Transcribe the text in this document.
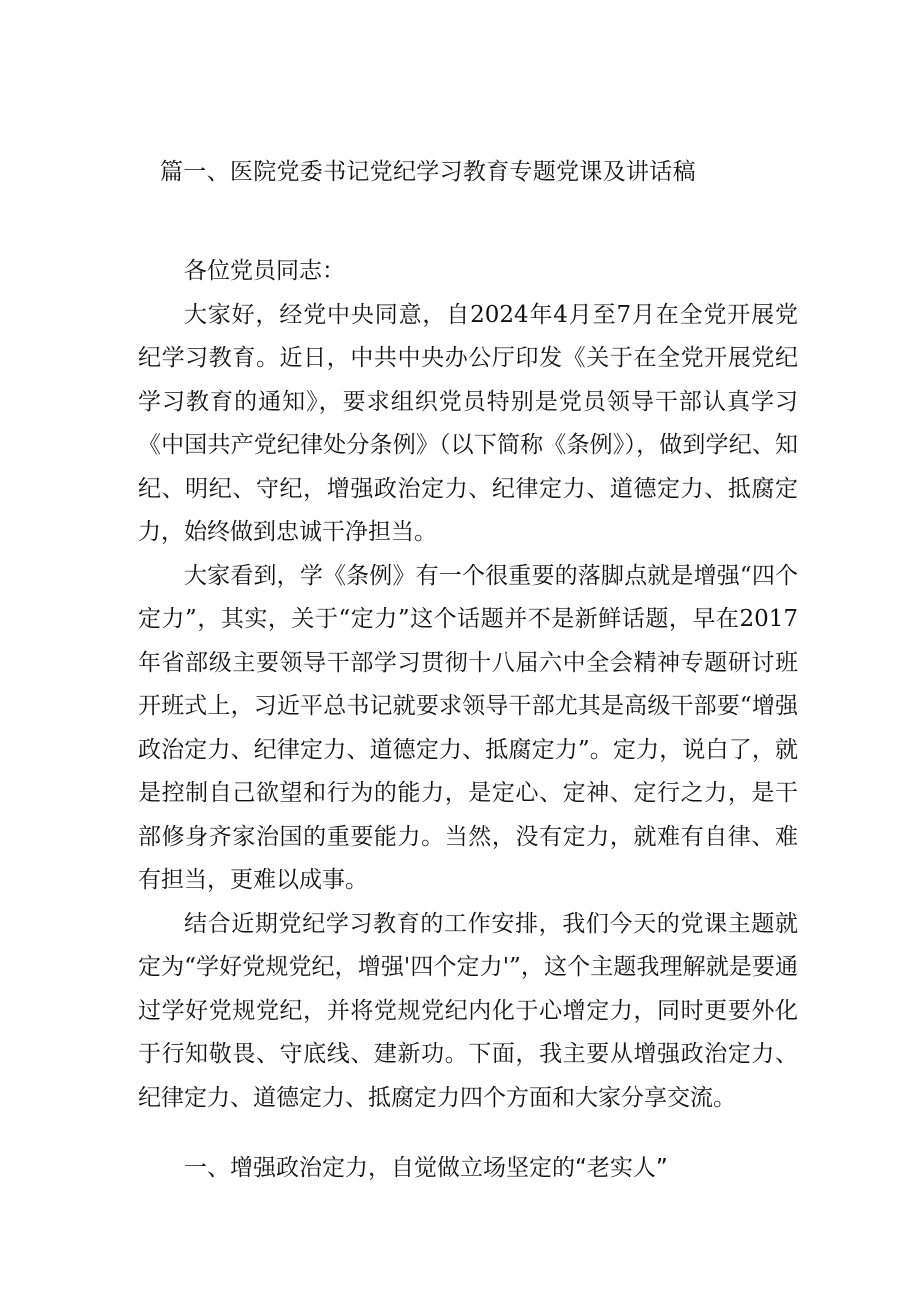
篇一、医院党委书记党纪学习教育专题党课及讲话稿

各位党员同志：

大家好，经党中央同意，自2024年4月至7月在全党开展党纪学习教育。近日，中共中央办公厅印发《关于在全党开展党纪学习教育的通知》，要求组织党员特别是党员领导干部认真学习《中国共产党纪律处分条例》（以下简称《条例》），做到学纪、知纪、明纪、守纪，增强政治定力、纪律定力、道德定力、抵腐定力，始终做到忠诚干净担当。

大家看到，学《条例》有一个很重要的落脚点就是增强“四个定力”，其实，关于“定力”这个话题并不是新鲜话题，早在2017年省部级主要领导干部学习贯彻十八届六中全会精神专题研讨班开班式上，习近平总书记就要求领导干部尤其是高级干部要“增强政治定力、纪律定力、道德定力、抵腐定力”。定力，说白了，就是控制自己欲望和行为的能力，是定心、定神、定行之力，是干部修身齐家治国的重要能力。当然，没有定力，就难有自律、难有担当，更难以成事。

结合近期党纪学习教育的工作安排，我们今天的党课主题就定为“学好党规党纪，增强'四个定力'”，这个主题我理解就是要通过学好党规党纪，并将党规党纪内化于心增定力，同时更要外化于行知敬畏、守底线、建新功。下面，我主要从增强政治定力、纪律定力、道德定力、抵腐定力四个方面和大家分享交流。

一、增强政治定力，自觉做立场坚定的“老实人”
